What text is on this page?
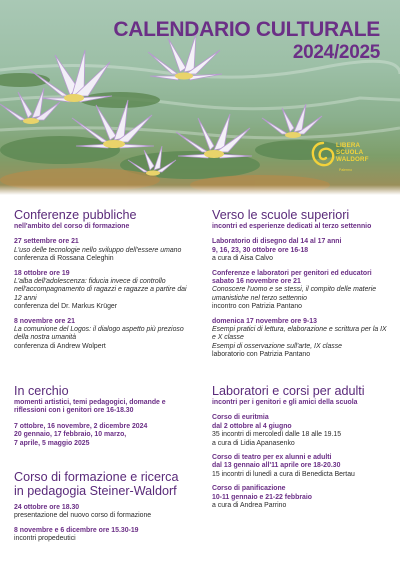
CALENDARIO CULTURALE
2024/2025
LIBERA
SCUOLA
WALDORF
Palermo
Conferenze pubbliche
nell'ambito del corso di formazione
27 settembre ore 21
L'uso delle tecnologie nello sviluppo dell'essere umano
conferenza di Rossana Celeghin
18 ottobre ore 19
L'alba dell'adolescenza: fiducia invece di controllo nell'accompagnamento di ragazzi e ragazze a partire dai 12 anni
conferenza del Dr. Markus Krüger
8 novembre ore 21
La comunione del Logos: il dialogo aspetto più prezioso della nostra umanità
conferenza di Andrew Wolpert
In cerchio
momenti artistici, temi pedagogici, domande e riflessioni con i genitori ore 16-18.30
7 ottobre, 16 novembre, 2 dicembre 2024
20 gennaio, 17 febbraio, 10 marzo,
7 aprile, 5 maggio 2025
Corso di formazione e ricerca
in pedagogia Steiner-Waldorf
24 ottobre ore 18.30
presentazione del nuovo corso di formazione
8 novembre e 6 dicembre ore 15.30-19
incontri propedeutici
Verso le scuole superiori
incontri ed esperienze dedicati al terzo settennio
Laboratorio di disegno dal 14 al 17 anni
9, 16, 23, 30 ottobre ore 16-18
a cura di Aisa Calvo
Conferenze e laboratori per genitori ed educatori
sabato 16 novembre ore 21
Conoscere l'uomo e se stessi, il compito delle materie umanistiche nel terzo settennio
incontro con Patrizia Pantano
domenica 17 novembre ore 9-13
Esempi pratici di lettura, elaborazione e scrittura per la IX e X classe
Esempi di osservazione sull'arte, IX classe
laboratorio con Patrizia Pantano
Laboratori e corsi per adulti
incontri per i genitori e gli amici della scuola
Corso di euritmia
dal 2 ottobre al 4 giugno
35 incontri di mercoledì dalle 18 alle 19.15
a cura di Lidia Apanasenko
Corso di teatro per ex alunni e adulti
dal 13 gennaio all'11 aprile ore 18-20.30
15 incontri di lunedì a cura di Benedicta Bertau
Corso di panificazione
10-11 gennaio e 21-22 febbraio
a cura di Andrea Parrino
